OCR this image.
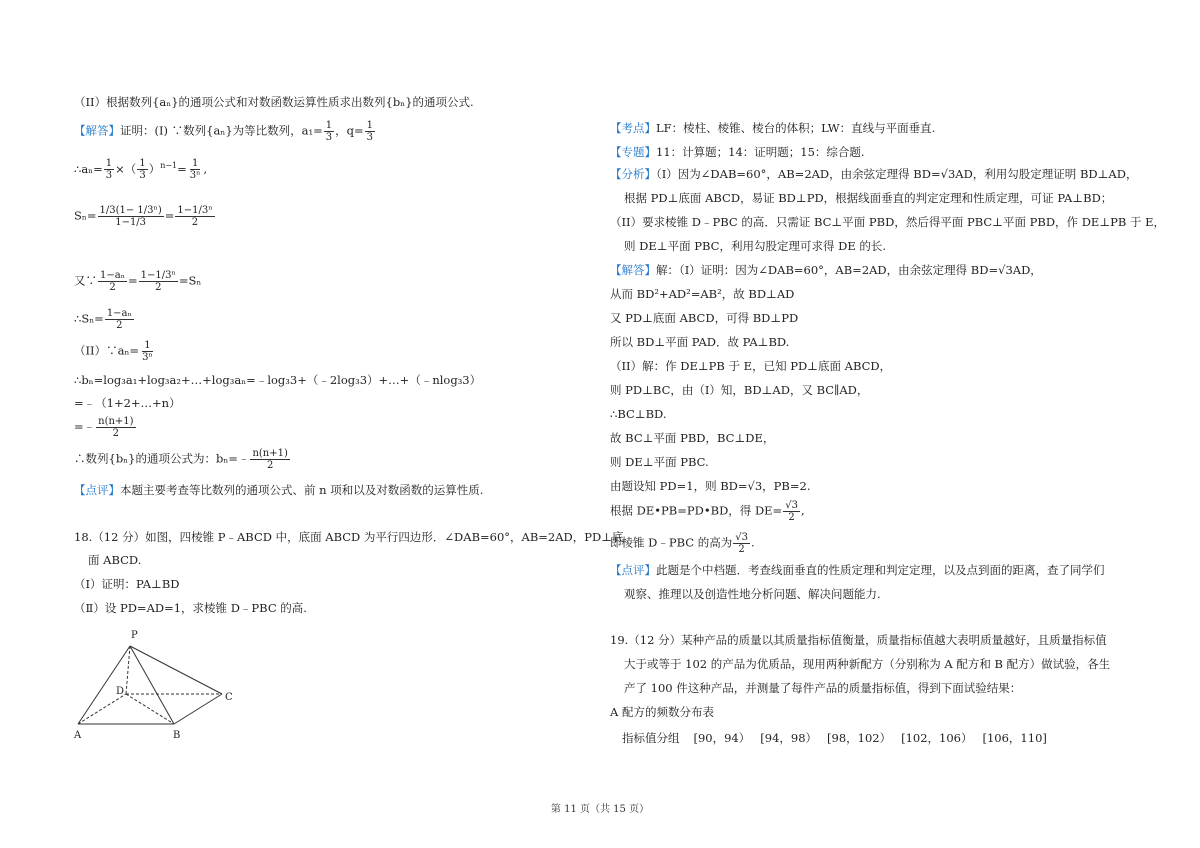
（II）根据数列{aₙ}的通项公式和对数函数运算性质求出数列{bₙ}的通项公式.
【解答】证明：(I) ∵数列{aₙ}为等比数列，$a_1= \frac{1}{3}$ ，$q= \frac{1}{3}$
∴aₙ= $\frac{1}{3}$ ×（ $\frac{1}{3} )^{n-1}= \frac{1}{\text{3ⁿ}}$ ,
$S_n= \frac{\text{1/3(1− 1/3ⁿ)}}{1-1/3} = \frac{\text{1−1/3ⁿ}}{2}$
又∵ $\frac{\text{1−aₙ}}{2} = \frac{\text{1−1/3ⁿ}}{2} =S_n$
∴Sₙ= $\frac{\text{1−aₙ}}{2}$
（II）∵aₙ= $\frac{1}{\text{3ⁿ}}$
∴bₙ=log₃a₁+log₃a₂+…+log₃aₙ=﹣log₃3+（﹣2log₃3）+…+（﹣nlog₃3）
=﹣（1+2+…+n）
=﹣ $\frac{n(n+1)}{2}$
∴数列{bₙ}的通项公式为：bₙ=﹣ $\frac{n(n+1)}{2}$
【点评】本题主要考查等比数列的通项公式、前 n 项和以及对数函数的运算性质.
18.（12 分）如图，四棱锥 P﹣ABCD 中，底面 ABCD 为平行四边形．∠DAB=60°，AB=2AD，PD⊥底
面 ABCD.
（Ⅰ）证明：PA⊥BD
（Ⅱ）设 PD=AD=1，求棱锥 D﹣PBC 的高.
P
D
C
A	B
【考点】LF：棱柱、棱锥、棱台的体积；LW：直线与平面垂直.
【专题】11：计算题；14：证明题；15：综合题.
【分析】（Ⅰ）因为∠DAB=60°，AB=2AD，由余弦定理得 BD=√3AD，利用勾股定理证明 BD⊥AD，
根据 PD⊥底面 ABCD，易证 BD⊥PD，根据线面垂直的判定定理和性质定理，可证 PA⊥BD；
（II）要求棱锥 D﹣PBC 的高．只需证 BC⊥平面 PBD，然后得平面 PBC⊥平面 PBD，作 DE⊥PB 于 E，
则 DE⊥平面 PBC，利用勾股定理可求得 DE 的长.
【解答】解：（Ⅰ）证明：因为∠DAB=60°，AB=2AD，由余弦定理得 BD=√3AD，
从而 BD²+AD²=AB²，故 BD⊥AD
又 PD⊥底面 ABCD，可得 BD⊥PD
所以 BD⊥平面 PAD．故 PA⊥BD.
（II）解：作 DE⊥PB 于 E，已知 PD⊥底面 ABCD，
则 PD⊥BC，由（I）知，BD⊥AD，又 BC∥AD，
∴BC⊥BD.
故 BC⊥平面 PBD，BC⊥DE，
则 DE⊥平面 PBC.
由题设知 PD=1，则 BD=√3，PB=2.
根据 DE•PB=PD•BD，得 $DE= \frac{√3}{2}$ ,
即棱锥 D﹣PBC 的高为 $\frac{√3}{2}$ .
【点评】此题是个中档题．考查线面垂直的性质定理和判定定理，以及点到面的距离，查了同学们
观察、推理以及创造性地分析问题、解决问题能力.
19.（12 分）某种产品的质量以其质量指标值衡量，质量指标值越大表明质量越好，且质量指标值
大于或等于 102 的产品为优质品，现用两种新配方（分别称为 A 配方和 B 配方）做试验，各生
产了 100 件这种产品，并测量了每件产品的质量指标值，得到下面试验结果：
A 配方的频数分布表
指标值分组 [90，94） [94，98） [98，102） [102，106） [106，110]
第 11 页（共 15 页）
